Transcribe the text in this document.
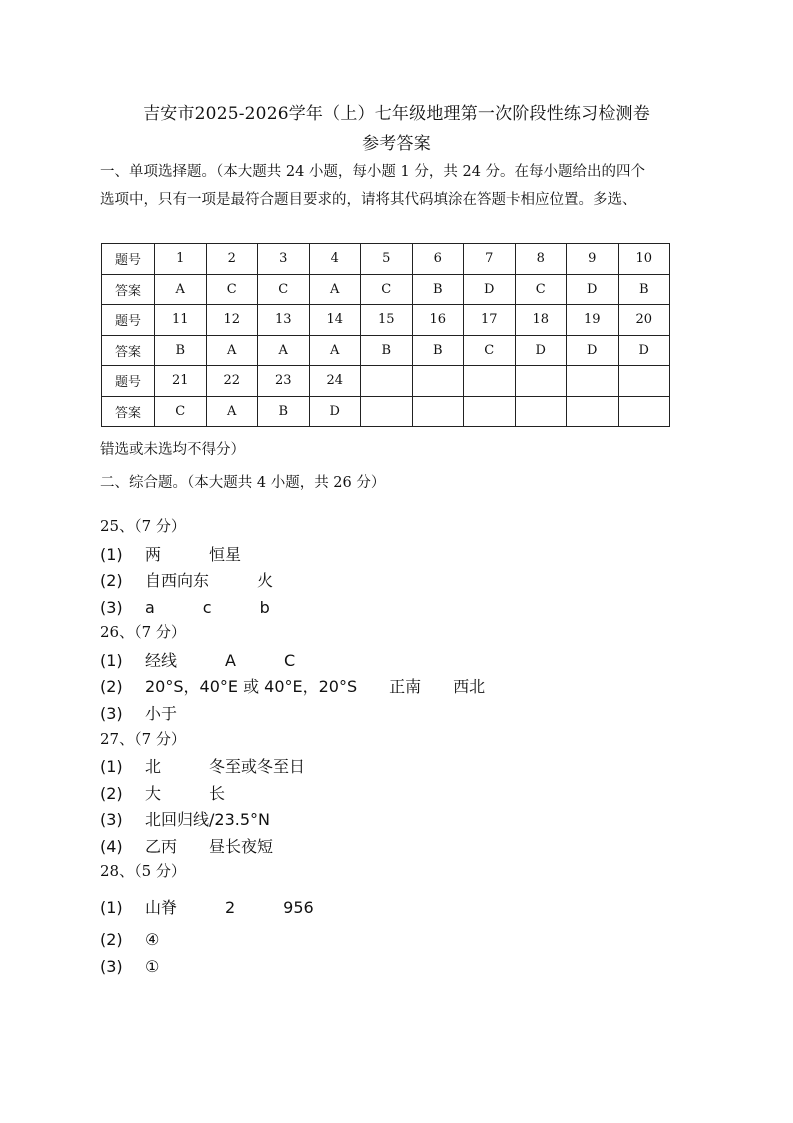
吉安市2025-2026学年（上）七年级地理第一次阶段性练习检测卷
参考答案
一、单项选择题。（本大题共 24 小题，每小题 1 分，共 24 分。在每小题给出的四个
选项中，只有一项是最符合题目要求的，请将其代码填涂在答题卡相应位置。多选、
题号	1	2	3	4	5	6	7	8	9	10
答案	A	C	C	A	C	B	D	C	D	B
题号	11	12	13	14	15	16	17	18	19	20
答案	B	A	A	A	B	B	C	D	D	D
题号	21	22	23	24						
答案	C	A	B	D						
错选或未选均不得分）
二、综合题。（本大题共 4 小题，共 26 分）
25、（7 分）
(1) 两　　　恒星
(2) 自西向东　　　火
(3) a　　　c　　　b
26、（7 分）
(1) 经线　　　A　　　C
(2) 20°S，40°E 或 40°E，20°S　　正南　　西北
(3) 小于
27、（7 分）
(1) 北　　　冬至或冬至日
(2) 大　　　长
(3) 北回归线/23.5°N
(4) 乙丙　　昼长夜短
28、（5 分）
(1) 山脊　　　2　　　956
(2) ④
(3) ①
